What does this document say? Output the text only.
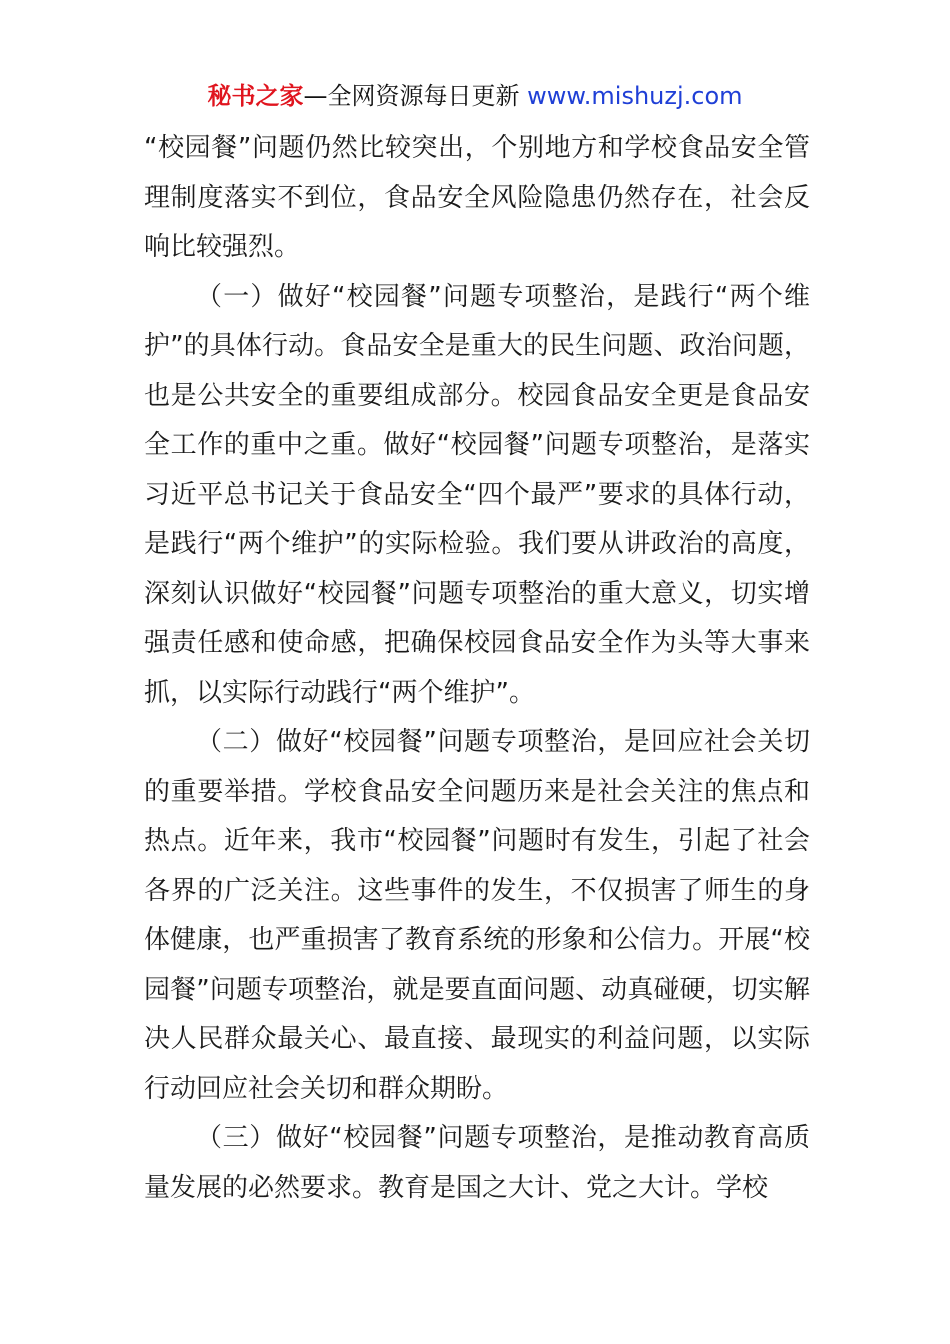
秘书之家—全网资源每日更新 www.mishuzj.com

“校园餐”问题仍然比较突出，个别地方和学校食品安全管理制度落实不到位，食品安全风险隐患仍然存在，社会反响比较强烈。

（一）做好“校园餐”问题专项整治，是践行“两个维护”的具体行动。食品安全是重大的民生问题、政治问题，也是公共安全的重要组成部分。校园食品安全更是食品安全工作的重中之重。做好“校园餐”问题专项整治，是落实习近平总书记关于食品安全“四个最严”要求的具体行动，是践行“两个维护”的实际检验。我们要从讲政治的高度，深刻认识做好“校园餐”问题专项整治的重大意义，切实增强责任感和使命感，把确保校园食品安全作为头等大事来抓，以实际行动践行“两个维护”。

（二）做好“校园餐”问题专项整治，是回应社会关切的重要举措。学校食品安全问题历来是社会关注的焦点和热点。近年来，我市“校园餐”问题时有发生，引起了社会各界的广泛关注。这些事件的发生，不仅损害了师生的身体健康，也严重损害了教育系统的形象和公信力。开展“校园餐”问题专项整治，就是要直面问题、动真碰硬，切实解决人民群众最关心、最直接、最现实的利益问题，以实际行动回应社会关切和群众期盼。

（三）做好“校园餐”问题专项整治，是推动教育高质量发展的必然要求。教育是国之大计、党之大计。学校
